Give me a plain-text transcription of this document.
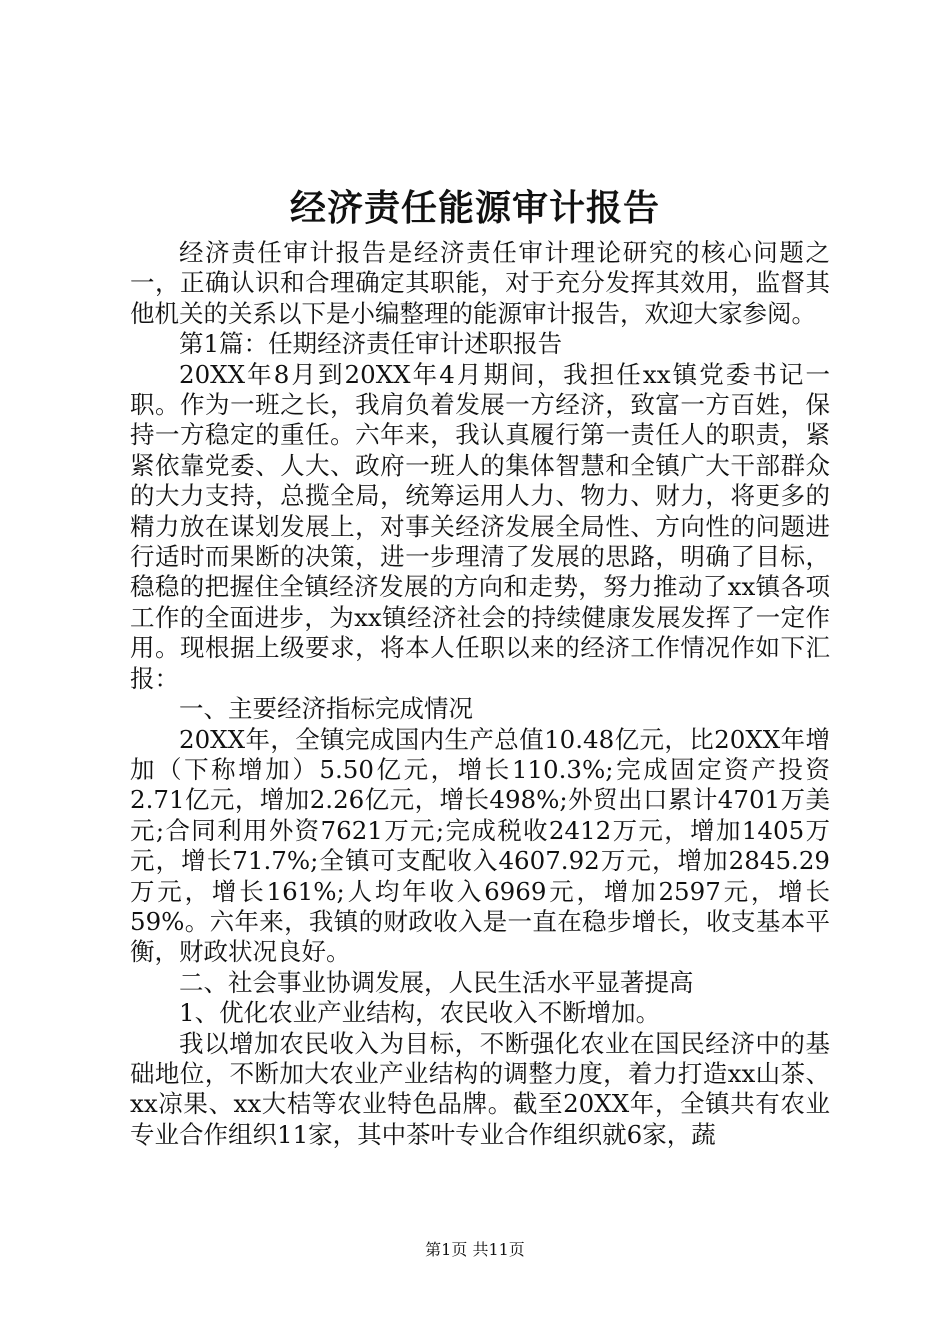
经济责任能源审计报告

经济责任审计报告是经济责任审计理论研究的核心问题之一，正确认识和合理确定其职能，对于充分发挥其效用，监督其他机关的关系以下是小编整理的能源审计报告，欢迎大家参阅。

第1篇：任期经济责任审计述职报告

20XX年8月到20XX年4月期间，我担任xx镇党委书记一职。作为一班之长，我肩负着发展一方经济，致富一方百姓，保持一方稳定的重任。六年来，我认真履行第一责任人的职责，紧紧依靠党委、人大、政府一班人的集体智慧和全镇广大干部群众的大力支持，总揽全局，统筹运用人力、物力、财力，将更多的精力放在谋划发展上，对事关经济发展全局性、方向性的问题进行适时而果断的决策，进一步理清了发展的思路，明确了目标，稳稳的把握住全镇经济发展的方向和走势，努力推动了xx镇各项工作的全面进步，为xx镇经济社会的持续健康发展发挥了一定作用。现根据上级要求，将本人任职以来的经济工作情况作如下汇报：

一、主要经济指标完成情况

20XX年，全镇完成国内生产总值10.48亿元，比20XX年增加（下称增加）5.50亿元，增长110.3%;完成固定资产投资2.71亿元，增加2.26亿元，增长498%;外贸出口累计4701万美元;合同利用外资7621万元;完成税收2412万元，增加1405万元，增长71.7%;全镇可支配收入4607.92万元，增加2845.29万元，增长161%;人均年收入6969元，增加2597元，增长59%。六年来，我镇的财政收入是一直在稳步增长，收支基本平衡，财政状况良好。

二、社会事业协调发展，人民生活水平显著提高

1、优化农业产业结构，农民收入不断增加。

我以增加农民收入为目标，不断强化农业在国民经济中的基础地位，不断加大农业产业结构的调整力度，着力打造xx山茶、xx凉果、xx大桔等农业特色品牌。截至20XX年，全镇共有农业专业合作组织11家，其中茶叶专业合作组织就6家，蔬

第1页 共11页
